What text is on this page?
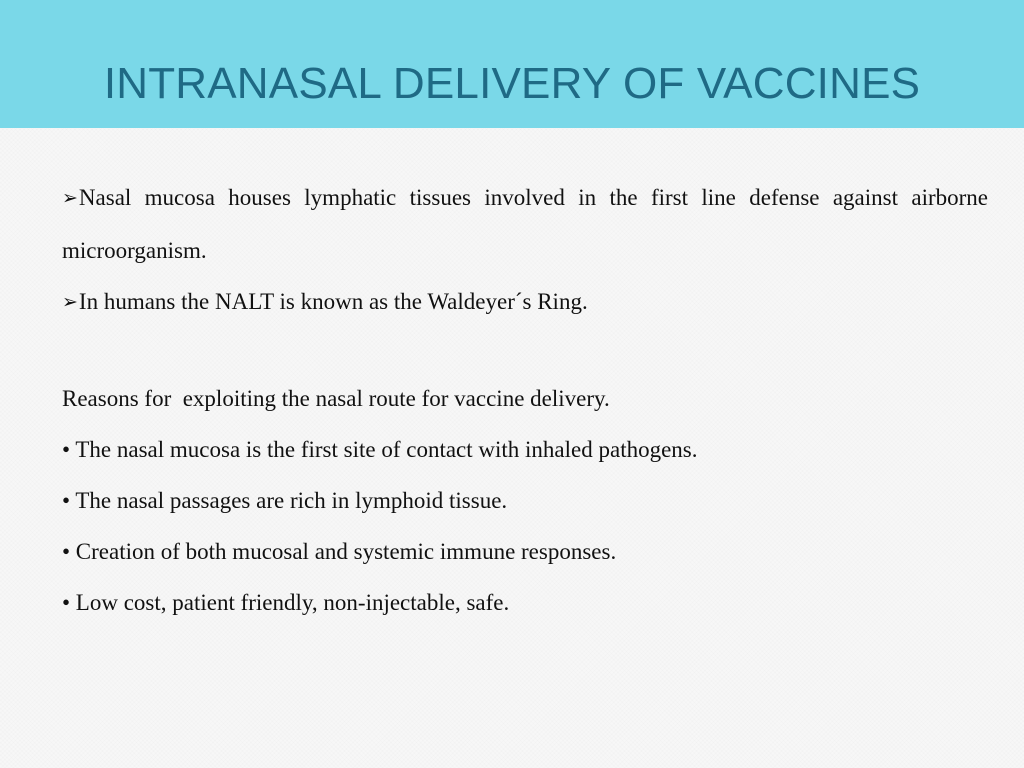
INTRANASAL DELIVERY OF VACCINES

➢Nasal mucosa houses lymphatic tissues involved in the first line defense against airborne microorganism.

➢In humans the NALT is known as the Waldeyer´s Ring.

Reasons for  exploiting the nasal route for vaccine delivery.

• The nasal mucosa is the first site of contact with inhaled pathogens.

• The nasal passages are rich in lymphoid tissue.

• Creation of both mucosal and systemic immune responses.

• Low cost, patient friendly, non-injectable, safe.
